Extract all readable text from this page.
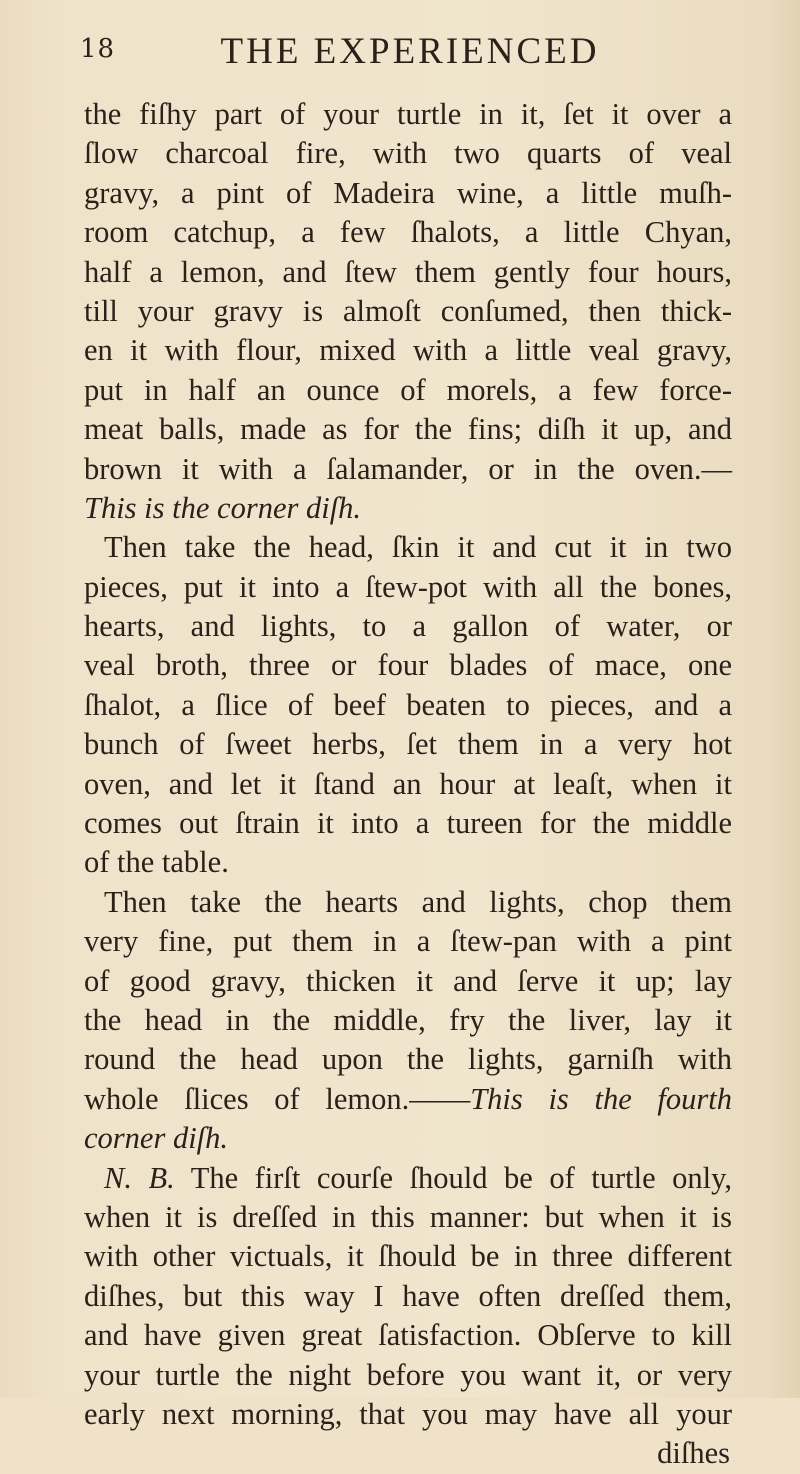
18	THE EXPERIENCED
the fiſhy part of your turtle in it, ſet it over a
ſlow charcoal fire, with two quarts of veal
gravy, a pint of Madeira wine, a little muſh-
room catchup, a few ſhalots, a little Chyan,
half a lemon, and ſtew them gently four hours,
till your gravy is almoſt conſumed, then thick-
en it with flour, mixed with a little veal gravy,
put in half an ounce of morels, a few force-
meat balls, made as for the fins; diſh it up, and
brown it with a ſalamander, or in the oven.—
This is the corner diſh.
Then take the head, ſkin it and cut it in two
pieces, put it into a ſtew-pot with all the bones,
hearts, and lights, to a gallon of water, or
veal broth, three or four blades of mace, one
ſhalot, a ſlice of beef beaten to pieces, and a
bunch of ſweet herbs, ſet them in a very hot
oven, and let it ſtand an hour at leaſt, when it
comes out ſtrain it into a tureen for the middle
of the table.
Then take the hearts and lights, chop them
very fine, put them in a ſtew-pan with a pint
of good gravy, thicken it and ſerve it up; lay
the head in the middle, fry the liver, lay it
round the head upon the lights, garniſh with
whole ſlices of lemon.——This is the fourth
corner diſh.
N. B. The firſt courſe ſhould be of turtle only,
when it is dreſſed in this manner: but when it is
with other victuals, it ſhould be in three different
diſhes, but this way I have often dreſſed them,
and have given great ſatisfaction. Obſerve to kill
your turtle the night before you want it, or very
early next morning, that you may have all your
diſhes
